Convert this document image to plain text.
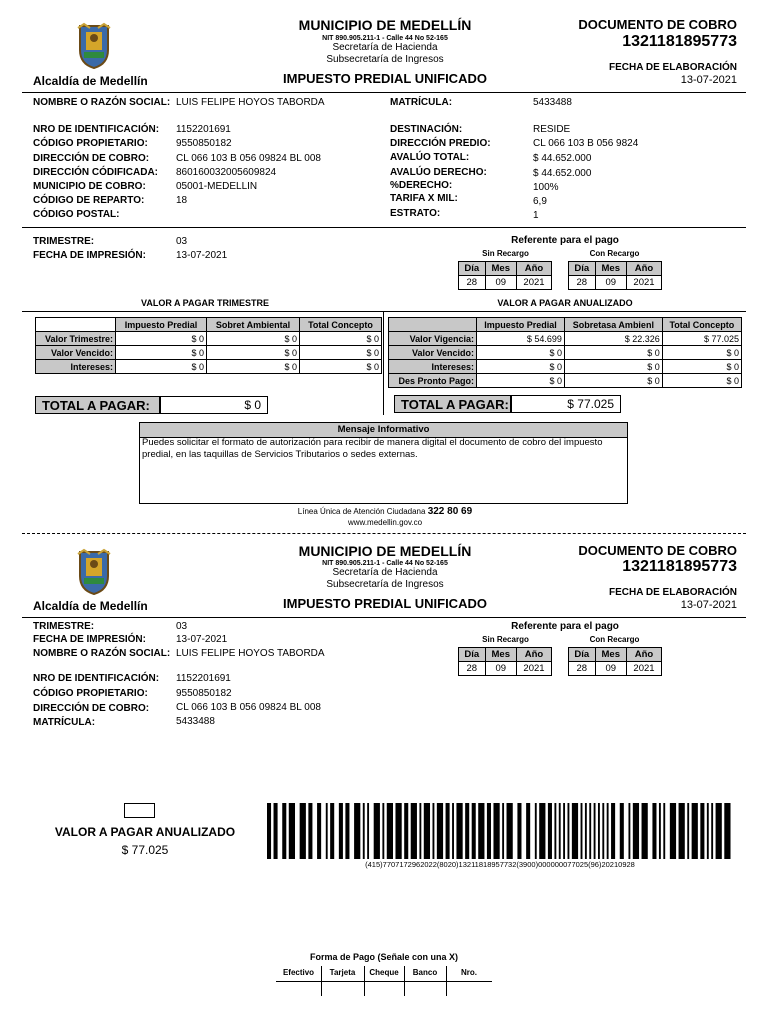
Alcaldía de Medellín
MUNICIPIO DE MEDELLÍN
NIT 890.905.211-1 - Calle 44 No 52-165
Secretaría de Hacienda
Subsecretaría de Ingresos
IMPUESTO PREDIAL UNIFICADO
DOCUMENTO DE COBRO
1321181895773
FECHA DE ELABORACIÓN
13-07-2021
NOMBRE O RAZÓN SOCIAL: LUIS FELIPE HOYOS TABORDA	MATRÍCULA:	5433488
NRO DE IDENTIFICACIÓN: 1152201691
CÓDIGO PROPIETARIO:	9550850182
DIRECCIÓN DE COBRO:	CL 066 103 B 056 09824 BL 008
DIRECCIÓN CÓDIFICADA: 860160032005609824
MUNICIPIO DE COBRO:	05001-MEDELLIN
CÓDIGO DE REPARTO:	18
CÓDIGO POSTAL:
DESTINACIÓN:	RESIDE
DIRECCIÓN PREDIO:	CL 066 103 B 056 9824
AVALÚO TOTAL:	$ 44.652.000
AVALÚO DERECHO:	$ 44.652.000
%DERECHO:	100%
TARIFA X MIL:	6,9
ESTRATO:	1
TRIMESTRE:	03
FECHA DE IMPRESIÓN:	13-07-2021
Referente para el pago
Sin Recargo	Con Recargo
Día	Mes	Año
28	09	2021
Día	Mes	Año
28	09	2021
VALOR A PAGAR TRIMESTRE	VALOR A PAGAR ANUALIZADO
	Impuesto Predial	Sobret Ambiental	Total Concepto
Valor Trimestre:	$ 0	$ 0	$ 0
Valor Vencido:	$ 0	$ 0	$ 0
Intereses:	$ 0	$ 0	$ 0
	Impuesto Predial	Sobretasa Ambienl	Total Concepto
Valor Vigencia:	$ 54.699	$ 22.326	$ 77.025
Valor Vencido:	$ 0	$ 0	$ 0
Intereses:	$ 0	$ 0	$ 0
Des Pronto Pago:	$ 0	$ 0	$ 0
TOTAL A PAGAR:	$ 0	TOTAL A PAGAR:	$ 77.025
Mensaje Informativo
Puedes solicitar el formato de autorización para recibir de manera digital el documento de cobro del impuesto predial, en las taquillas de Servicios Tributarios o sedes externas.
Línea Única de Atención Ciudadana 322 80 69
www.medellin.gov.co
Alcaldía de Medellín
MUNICIPIO DE MEDELLÍN
NIT 890.905.211-1 - Calle 44 No 52-165
Secretaría de Hacienda
Subsecretaría de Ingresos
IMPUESTO PREDIAL UNIFICADO
DOCUMENTO DE COBRO
1321181895773
FECHA DE ELABORACIÓN
13-07-2021
TRIMESTRE:	03
FECHA DE IMPRESIÓN:	13-07-2021
NOMBRE O RAZÓN SOCIAL: LUIS FELIPE HOYOS TABORDA
NRO DE IDENTIFICACIÓN: 1152201691
CÓDIGO PROPIETARIO:	9550850182
DIRECCIÓN DE COBRO:	CL 066 103 B 056 09824 BL 008
MATRÍCULA:	5433488
Referente para el pago
Sin Recargo	Con Recargo
Día	Mes	Año
28	09	2021
Día	Mes	Año
28	09	2021
VALOR A PAGAR ANUALIZADO
$ 77.025
(415)7707172962022(8020)13211818957732(3900)000000077025(96)20210928
Forma de Pago (Señale con una X)
Efectivo	Tarjeta	Cheque	Banco	Nro.
